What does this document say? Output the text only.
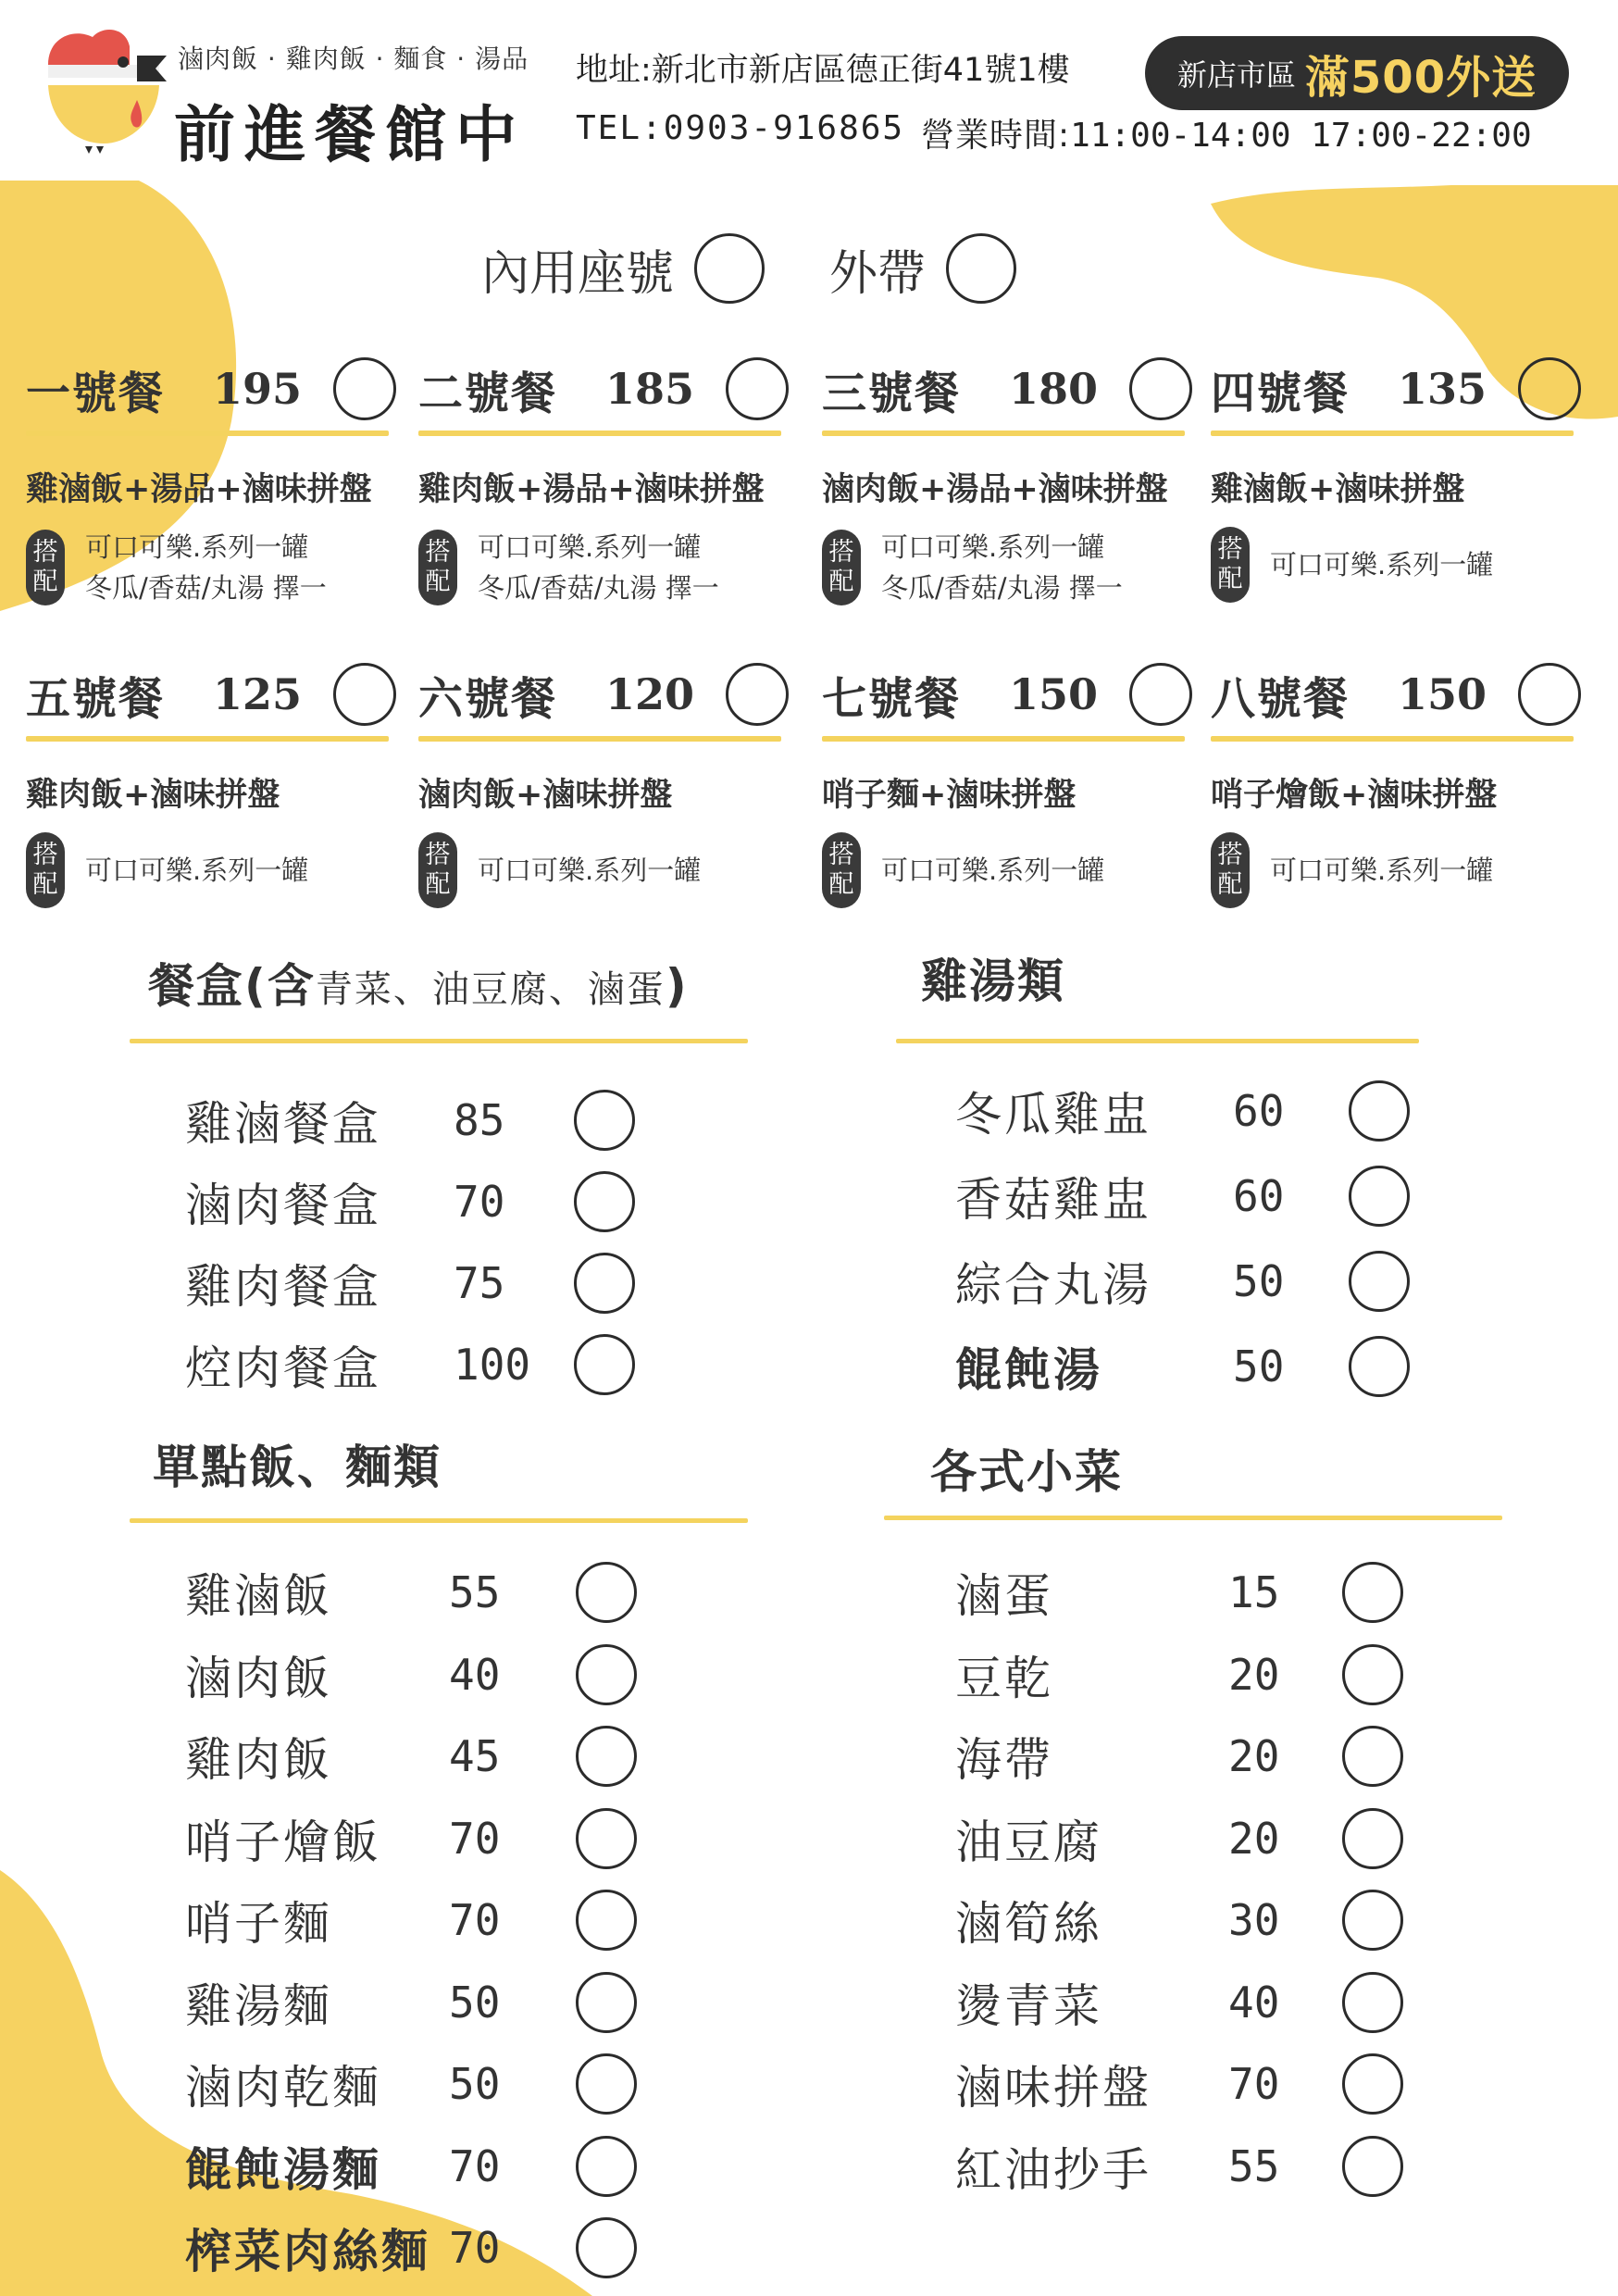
滷肉飯 · 雞肉飯 · 麵食 · 湯品
前進餐館中
地址:新北市新店區德正街41號1樓
TEL:0903-916865 營業時間:11:00-14:00 17:00-22:00
新店市區 滿500外送
內用座號	外帶
一號餐 195
雞滷飯+湯品+滷味拼盤
搭
配
可口可樂.系列一罐
冬瓜/香菇/丸湯 擇一
二號餐 185
雞肉飯+湯品+滷味拼盤
搭
配
可口可樂.系列一罐
冬瓜/香菇/丸湯 擇一
三號餐 180
滷肉飯+湯品+滷味拼盤
搭
配
可口可樂.系列一罐
冬瓜/香菇/丸湯 擇一
四號餐 135
雞滷飯+滷味拼盤
搭
配 可口可樂.系列一罐
五號餐 125
雞肉飯+滷味拼盤
搭
配 可口可樂.系列一罐
六號餐 120
滷肉飯+滷味拼盤
搭
配 可口可樂.系列一罐
七號餐 150
哨子麵+滷味拼盤
搭
配 可口可樂.系列一罐
八號餐 150
哨子燴飯+滷味拼盤
搭
配 可口可樂.系列一罐
餐盒(含青菜、油豆腐、滷蛋)
雞滷餐盒 85
滷肉餐盒 70
雞肉餐盒 75
焢肉餐盒 100
雞湯類
冬瓜雞盅 60
香菇雞盅 60
綜合丸湯 50
餛飩湯	50
單點飯、麵類
雞滷飯	55
滷肉飯	40
雞肉飯	45
哨子燴飯 70
哨子麵	70
雞湯麵	50
滷肉乾麵 50
餛飩湯麵 70
榨菜肉絲麵 70
各式小菜
滷蛋	15
豆乾	20
海帶	20
油豆腐	20
滷筍絲	30
燙青菜	40
滷味拼盤 70
紅油抄手 55
